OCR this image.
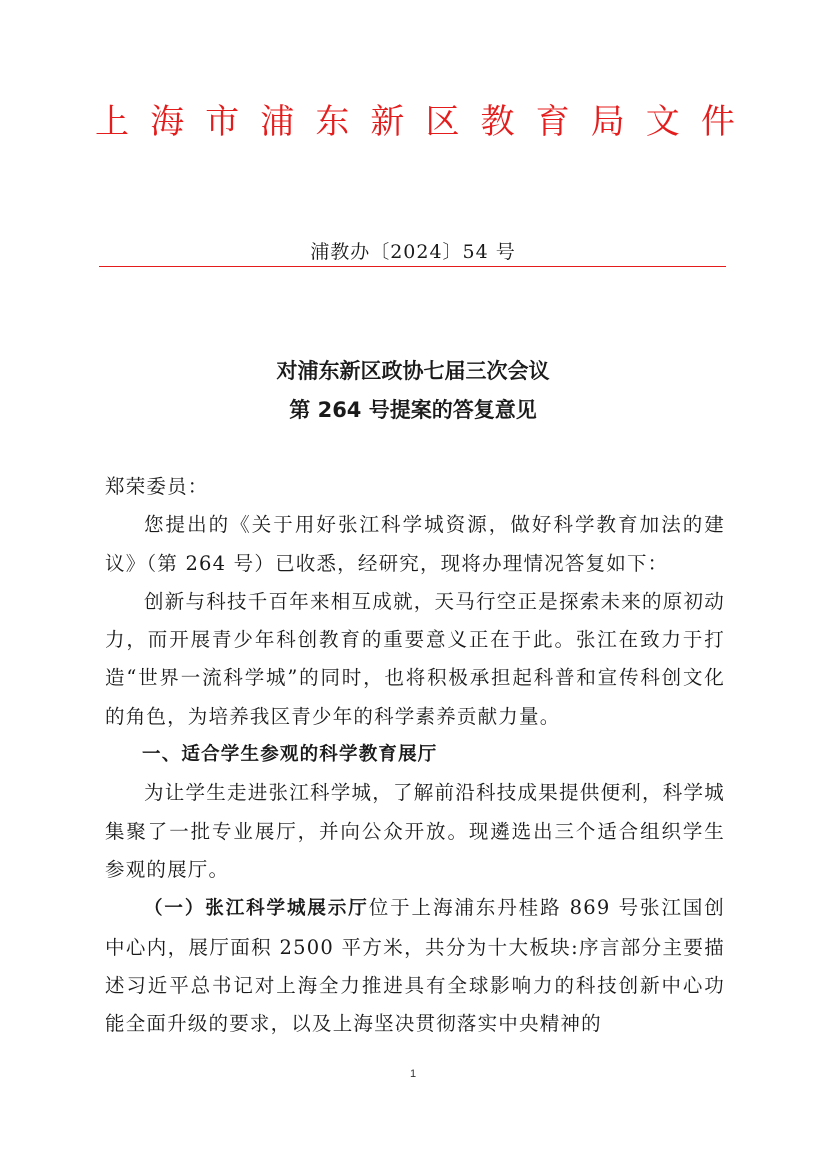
上 海 市 浦 东 新 区 教 育 局 文 件
浦教办〔2024〕54 号
对浦东新区政协七届三次会议
第 264 号提案的答复意见

郑荣委员：

您提出的《关于用好张江科学城资源，做好科学教育加法的建议》（第 264 号）已收悉，经研究，现将办理情况答复如下：

创新与科技千百年来相互成就，天马行空正是探索未来的原初动力，而开展青少年科创教育的重要意义正在于此。张江在致力于打造“世界一流科学城”的同时，也将积极承担起科普和宣传科创文化的角色，为培养我区青少年的科学素养贡献力量。

一、适合学生参观的科学教育展厅

为让学生走进张江科学城，了解前沿科技成果提供便利，科学城集聚了一批专业展厅，并向公众开放。现遴选出三个适合组织学生参观的展厅。

（一）张江科学城展示厅位于上海浦东丹桂路 869 号张江国创中心内，展厅面积 2500 平方米，共分为十大板块:序言部分主要描述习近平总书记对上海全力推进具有全球影响力的科技创新中心功能全面升级的要求，以及上海坚决贯彻落实中央精神的

1
